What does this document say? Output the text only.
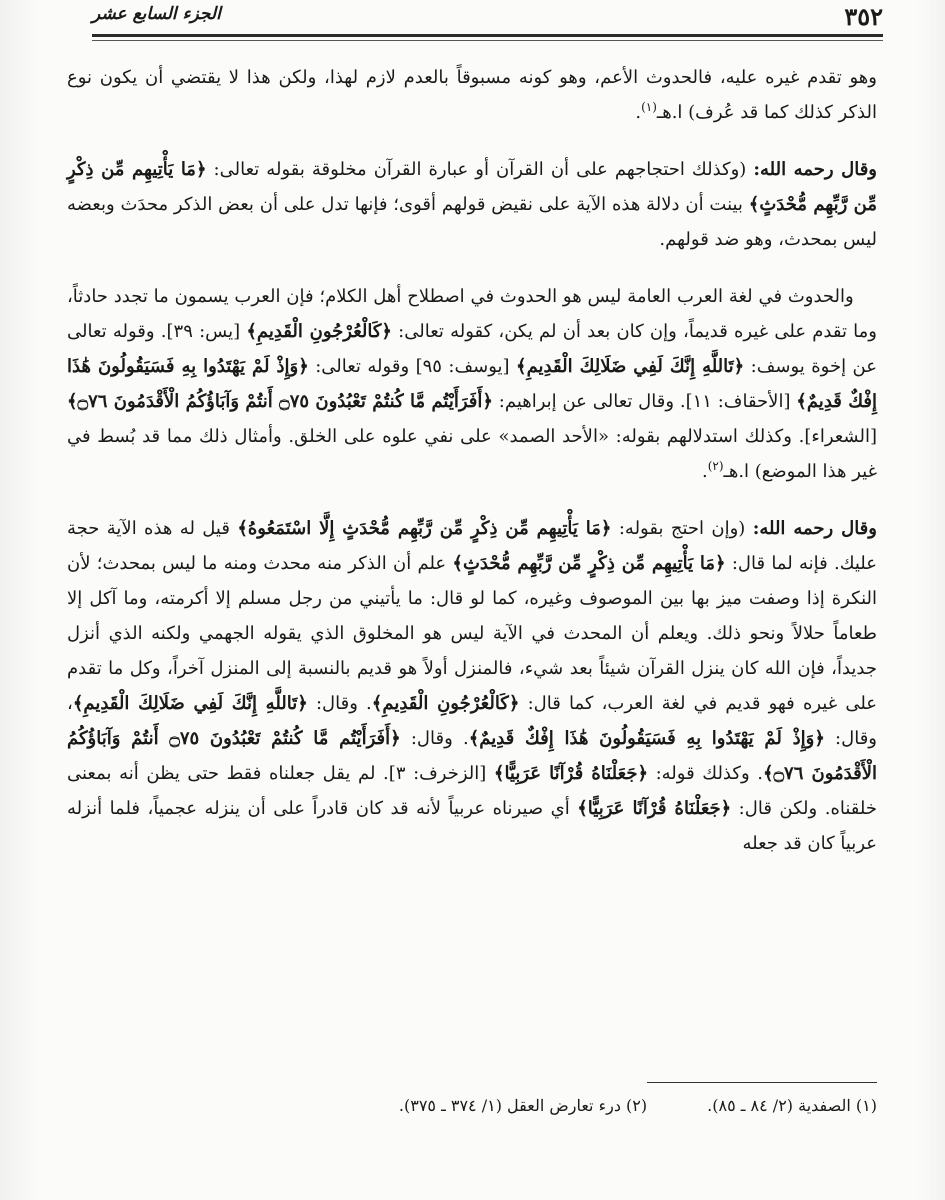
٣٥٢
الجزء السابع عشر

وهو تقدم غيره عليه، فالحدوث الأعم، وهو كونه مسبوقاً بالعدم لازم لهذا، ولكن هذا لا يقتضي أن يكون نوع الذكر كذلك كما قد عُرف) ا.هـ$^{(١)}$.

وقال رحمه الله: (وكذلك احتجاجهم على أن القرآن أو عبارة القرآن مخلوقة بقوله تعالى: ﴿مَا يَأْتِيهِم مِّن ذِكْرٍ مِّن رَّبِّهِم مُّحْدَثٍ﴾ بينت أن دلالة هذه الآية على نقيض قولهم أقوى؛ فإنها تدل على أن بعض الذكر محدَث وبعضه ليس بمحدث، وهو ضد قولهم.

والحدوث في لغة العرب العامة ليس هو الحدوث في اصطلاح أهل الكلام؛ فإن العرب يسمون ما تجدد حادثاً، وما تقدم على غيره قديماً، وإن كان بعد أن لم يكن، كقوله تعالى: ﴿كَالْعُرْجُونِ الْقَدِيمِ﴾ [يس: ٣٩]. وقوله تعالى عن إخوة يوسف: ﴿تَاللَّهِ إِنَّكَ لَفِي ضَلَالِكَ الْقَدِيمِ﴾ [يوسف: ٩٥] وقوله تعالى: ﴿وَإِذْ لَمْ يَهْتَدُوا بِهِ فَسَيَقُولُونَ هَٰذَا إِفْكٌ قَدِيمٌ﴾ [الأحقاف: ١١]. وقال تعالى عن إبراهيم: ﴿أَفَرَأَيْتُم مَّا كُنتُمْ تَعْبُدُونَ ۝٧٥ أَنتُمْ وَآبَاؤُكُمُ الْأَقْدَمُونَ ۝٧٦﴾ [الشعراء]. وكذلك استدلالهم بقوله: «الأحد الصمد» على نفي علوه على الخلق. وأمثال ذلك مما قد بُسط في غير هذا الموضع) ا.هـ$^{(٢)}$.

وقال رحمه الله: (وإن احتج بقوله: ﴿مَا يَأْتِيهِم مِّن ذِكْرٍ مِّن رَّبِّهِم مُّحْدَثٍ إِلَّا اسْتَمَعُوهُ﴾ قيل له هذه الآية حجة عليك. فإنه لما قال: ﴿مَا يَأْتِيهِم مِّن ذِكْرٍ مِّن رَّبِّهِم مُّحْدَثٍ﴾ علم أن الذكر منه محدث ومنه ما ليس بمحدث؛ لأن النكرة إذا وصفت ميز بها بين الموصوف وغيره، كما لو قال: ما يأتيني من رجل مسلم إلا أكرمته، وما آكل إلا طعاماً حلالاً ونحو ذلك. ويعلم أن المحدث في الآية ليس هو المخلوق الذي يقوله الجهمي ولكنه الذي أنزل جديداً، فإن الله كان ينزل القرآن شيئاً بعد شيء، فالمنزل أولاً هو قديم بالنسبة إلى المنزل آخراً، وكل ما تقدم على غيره فهو قديم في لغة العرب، كما قال: ﴿كَالْعُرْجُونِ الْقَدِيمِ﴾. وقال: ﴿تَاللَّهِ إِنَّكَ لَفِي ضَلَالِكَ الْقَدِيمِ﴾، وقال: ﴿وَإِذْ لَمْ يَهْتَدُوا بِهِ فَسَيَقُولُونَ هَٰذَا إِفْكٌ قَدِيمٌ﴾. وقال: ﴿أَفَرَأَيْتُم مَّا كُنتُمْ تَعْبُدُونَ ۝٧٥ أَنتُمْ وَآبَاؤُكُمُ الْأَقْدَمُونَ ۝٧٦﴾. وكذلك قوله: ﴿جَعَلْنَاهُ قُرْآنًا عَرَبِيًّا﴾ [الزخرف: ٣]. لم يقل جعلناه فقط حتى يظن أنه بمعنى خلقناه. ولكن قال: ﴿جَعَلْنَاهُ قُرْآنًا عَرَبِيًّا﴾ أي صيرناه عربياً لأنه قد كان قادراً على أن ينزله عجمياً، فلما أنزله عربياً كان قد جعله

(١) الصفدية (٢/ ٨٤ ـ ٨٥).
(٢) درء تعارض العقل (١/ ٣٧٤ ـ ٣٧٥).
